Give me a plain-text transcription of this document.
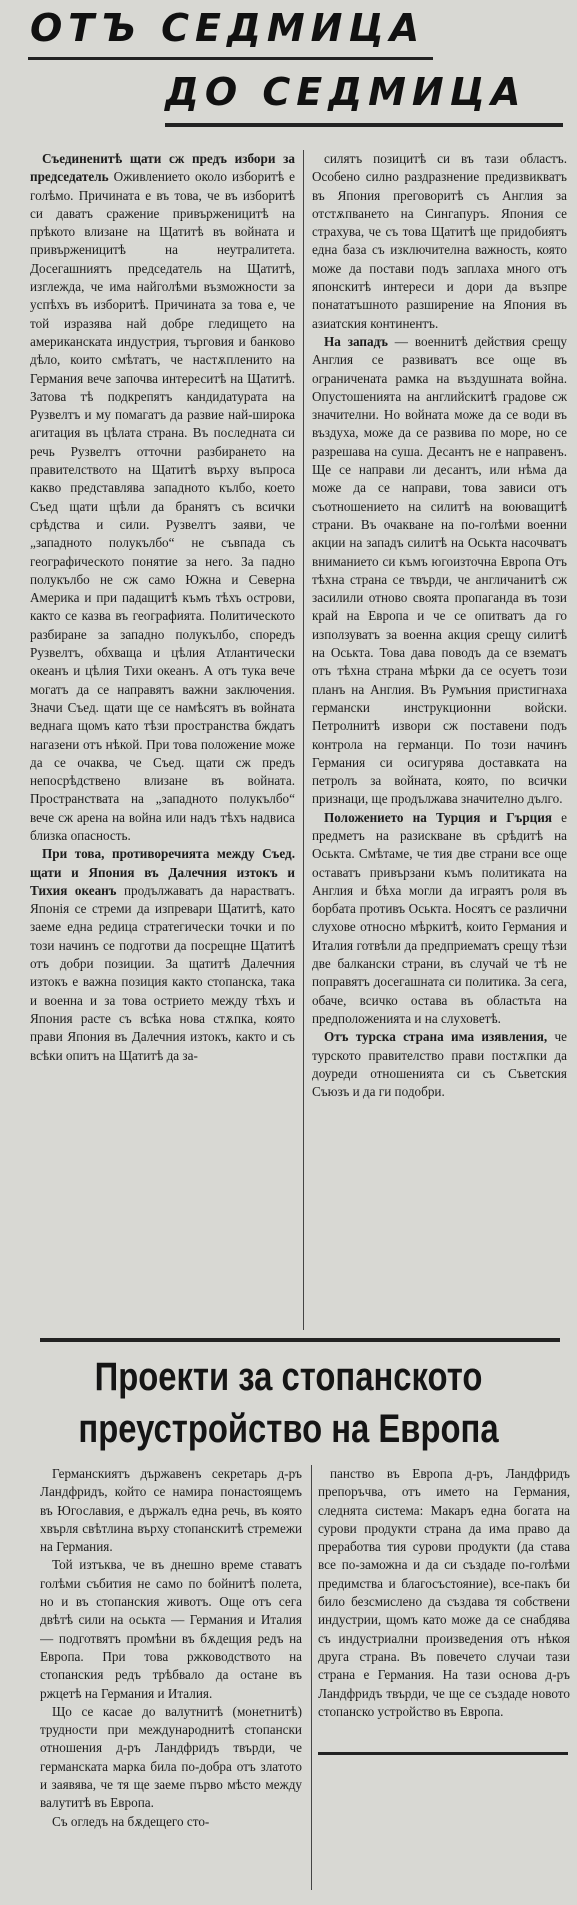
ОТЪ СЕДМИЦА
ДО СЕДМИЦА

Съединенитѣ щати сж предъ избори за председатель Оживлението около изборитѣ е голѣмо. Причината е въ това, че въ изборитѣ си даватъ сражение привърженицитѣ на прѣкото влизане на Щатитѣ въ войната и привърженицитѣ на неутралитета. Досегашниятъ председатель на Щатитѣ, изглежда, че има найголѣми възможности за успѣхъ въ изборитѣ. Причината за това е, че той изразява най добре гледището на американската индустрия, търговия и банково дѣло, които смѣтатъ, че настѫпленито на Германия вече започва интереситѣ на Щатитѣ. Затова тѣ подкрепятъ кандидатурата на Рузвелтъ и му помагатъ да развие най-широка агитация въ цѣлата страна. Въ последната си речь Рузвелтъ отточни разбирането на правителството на Щатитѣ върху въпроса какво представлява западното кълбо, което Съед щати щѣли да бранятъ съ всички срѣдства и сили. Рузвелтъ заяви, че „западното полукълбо“ не съвпада съ географическото понятие за него. За падно полукълбо не сж само Южна и Северна Америка и при падащитѣ къмъ тѣхъ острови, както се казва въ географията. Политическото разбиране за западно полукълбо, споредъ Рузвелтъ, обхваща и цѣлия Атлантически океанъ и цѣлия Тихи океанъ. А отъ тука вече могатъ да се направятъ важни заключения. Значи Съед. щати ще се намѣсятъ въ войната веднага щомъ като тѣзи пространства бждатъ нагазени отъ нѣкой. При това положение може да се очаква, че Съед. щати сж предъ непосрѣдствено влизане въ войната. Пространствата на „западното полукълбо“ вече сж арена на война или надъ тѣхъ надвиса близка опасность.

При това, противоречията между Съед. щати и Япония въ Далечния изтокъ и Тихия океанъ продължаватъ да нарастватъ. Японія се стреми да изпревари Щатитѣ, като заеме една редица стратегически точки и по този начинъ се подготви да посрещне Щатитѣ отъ добри позиции. За щатитѣ Далечния изтокъ е важна позиция както стопанска, така и военна и за това острието между тѣхъ и Япония расте съ всѣка нова стѫпка, която прави Япония въ Далечния изтокъ, както и съ всѣки опитъ на Щатитѣ да за-

силятъ позицитѣ си въ тази областъ. Особено силно раздразнение предизвикватъ въ Япония преговоритѣ съ Англия за отстѫпването на Сингапуръ. Япония се страхува, че съ това Щатитѣ ще придобиятъ една база съ изключителна важность, която може да постави подъ заплаха много отъ японскитѣ интереси и дори да възпре понататъшното разширение на Япония въ азиатския континентъ.

На западъ — военнитѣ действия срещу Англия се развиватъ все още въ ограничената рамка на въздушната война. Опустошенията на английскитѣ градове сж значителни. Но войната може да се води въ въздуха, може да се развива по море, но се разрешава на суша. Десантъ не е направенъ. Ще се направи ли десантъ, или нѣма да може да се направи, това зависи отъ съотношението на силитѣ на воюващитѣ страни. Въ очакване на по-голѣми военни акции на западъ силитѣ на Оськта насочватъ вниманието си къмъ югоизточна Европа Отъ тѣхна страна се твърди, че англичанитѣ сж засилили отново своята пропаганда въ този край на Европа и че се опитватъ да го използуватъ за военна акция срещу силитѣ на Оськта. Това дава поводъ да се взематъ отъ тѣхна страна мѣрки да се осуетъ този планъ на Англия. Въ Румъния пристигнаха германски инструкционни войски. Петролнитѣ извори сж поставени подъ контрола на германци. По този начинъ Германия си осигурява доставката на петролъ за войната, която, по всички признаци, ще продължава значително дълго.

Положението на Турция и Гърция е предметъ на разискване въ срѣдитѣ на Оськта. Смѣтаме, че тия две страни все още оставатъ привързани къмъ политиката на Англия и бѣха могли да играятъ роля въ борбата противъ Оськта. Носятъ се различни слухове относно мѣркитѣ, които Германия и Италия готвѣли да предприематъ срещу тѣзи две балкански страни, въ случай че тѣ не поправятъ досегашната си политика. За сега, обаче, всичко остава въ областьта на предположенията и на слуховетѣ.

Отъ турска страна има изявления, че турското правителство прави постѫпки да доуреди отношенията си съ Съветския Съюзъ и да ги подобри.

Проекти за стопанското
преустройство на Европа

Германскиятъ държавенъ секретарь д-ръ Ландфридъ, който се намира понастоящемъ въ Югославия, е държалъ една речь, въ която хвърля свѣтлина върху стопанскитѣ стремежи на Германия.

Той изтъква, че въ днешно време ставатъ голѣми събития не само по бойнитѣ полета, но и въ стопанския животъ. Още отъ сега двѣтѣ сили на оськта — Германия и Италия — подготвятъ промѣни въ бѫдещия редъ на Европа. При това ржководството на стопанския редъ трѣбвало да остане въ ржцетѣ на Германия и Италия.

Що се касае до валутнитѣ (монетнитѣ) трудности при международнитѣ стопански отношения д-ръ Ландфридъ твърди, че германската марка била по-добра отъ златото и заявява, че тя ще заеме първо мѣсто между валутитѣ въ Европа.

Съ огледъ на бѫдещего сто-

панство въ Европа д-ръ, Ландфридъ препоръчва, отъ името на Германия, следнята система: Макаръ една богата на сурови продукти страна да има право да преработва тия сурови продукти (да става все по-заможна и да си създаде по-голѣми предимства и благосъстояние), все-пакъ би било безсмислено да създава тя собствени индустрии, щомъ като може да се снабдява съ индустриални произведения отъ нѣкоя друга страна. Въ повечето случаи тази страна е Германия. На тази основа д-ръ Ландфридъ твърди, че ще се създаде новото стопанско устройство въ Европа.
